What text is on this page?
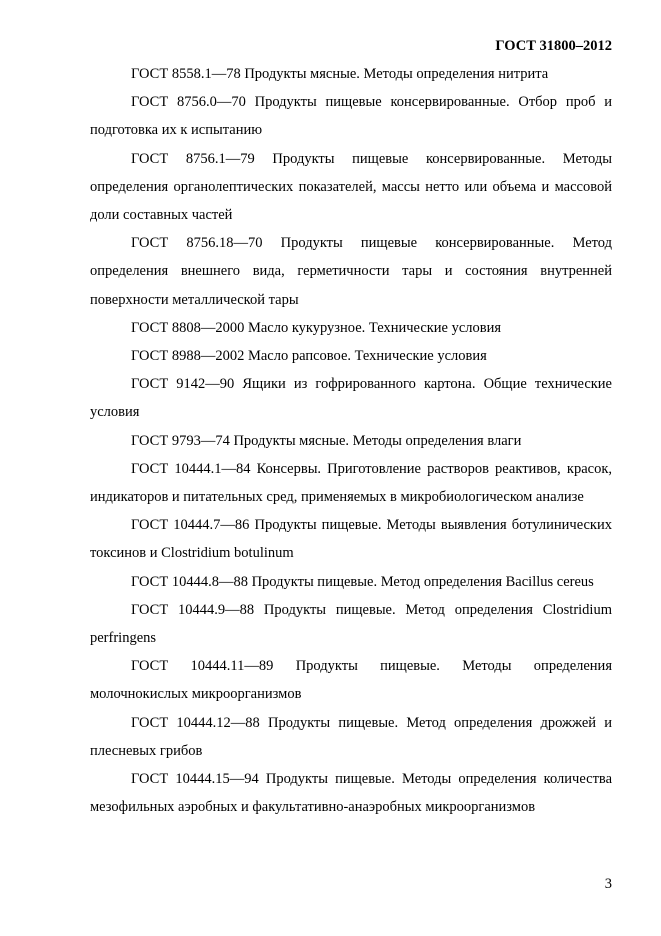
ГОСТ 31800–2012

ГОСТ 8558.1—78 Продукты мясные. Методы определения нитрита

ГОСТ 8756.0—70 Продукты пищевые консервированные. Отбор проб и подготовка их к испытанию

ГОСТ 8756.1—79 Продукты пищевые консервированные. Методы определения органолептических показателей, массы нетто или объема и массовой доли составных частей

ГОСТ 8756.18—70 Продукты пищевые консервированные. Метод определения внешнего вида, герметичности тары и состояния внутренней поверхности металлической тары

ГОСТ 8808—2000 Масло кукурузное. Технические условия

ГОСТ 8988—2002 Масло рапсовое. Технические условия

ГОСТ 9142—90 Ящики из гофрированного картона. Общие технические условия

ГОСТ 9793—74 Продукты мясные. Методы определения влаги

ГОСТ 10444.1—84 Консервы. Приготовление растворов реактивов, красок, индикаторов и питательных сред, применяемых в микробиологическом анализе

ГОСТ 10444.7—86 Продукты пищевые. Методы выявления ботулинических токсинов и Clostridium botulinum

ГОСТ 10444.8—88 Продукты пищевые. Метод определения Bacillus cereus

ГОСТ 10444.9—88 Продукты пищевые. Метод определения Clostridium perfringens

ГОСТ 10444.11—89 Продукты пищевые. Методы определения молочнокислых микроорганизмов

ГОСТ 10444.12—88 Продукты пищевые. Метод определения дрожжей и плесневых грибов

ГОСТ 10444.15—94 Продукты пищевые. Методы определения количества мезофильных аэробных и факультативно-анаэробных микроорганизмов

3
